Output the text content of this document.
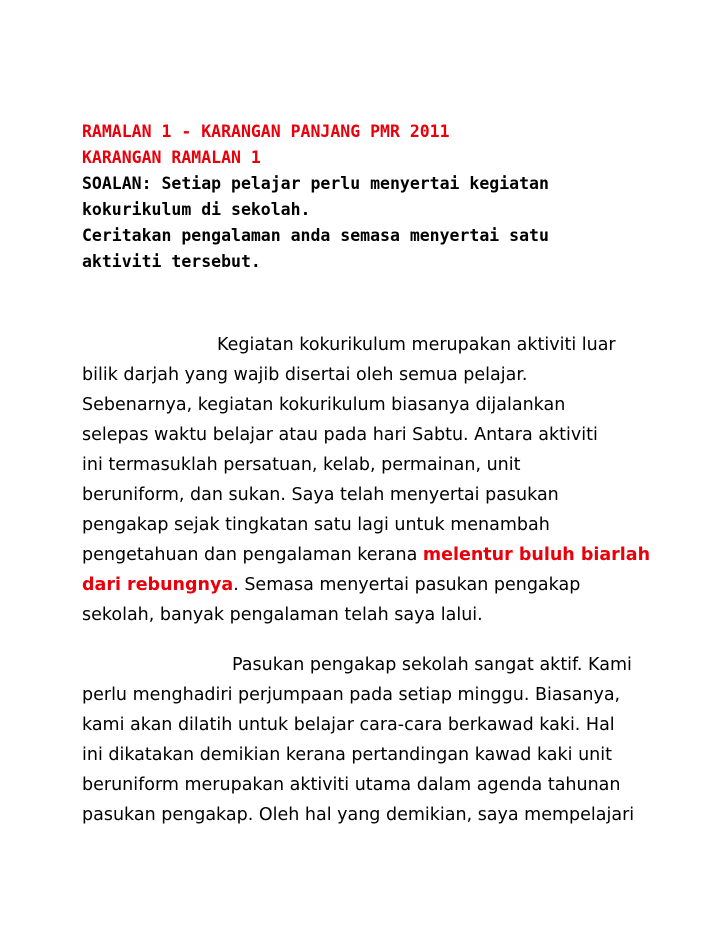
RAMALAN 1 - KARANGAN PANJANG PMR 2011
KARANGAN RAMALAN 1
SOALAN: Setiap pelajar perlu menyertai kegiatan
kokurikulum di sekolah.
Ceritakan pengalaman anda semasa menyertai satu
aktiviti tersebut.
Kegiatan kokurikulum merupakan aktiviti luar
bilik darjah yang wajib disertai oleh semua pelajar.
Sebenarnya, kegiatan kokurikulum biasanya dijalankan
selepas waktu belajar atau pada hari Sabtu. Antara aktiviti
ini termasuklah persatuan, kelab, permainan, unit
beruniform, dan sukan. Saya telah menyertai pasukan
pengakap sejak tingkatan satu lagi untuk menambah
pengetahuan dan pengalaman kerana melentur buluh biarlah
dari rebungnya. Semasa menyertai pasukan pengakap
sekolah, banyak pengalaman telah saya lalui.
Pasukan pengakap sekolah sangat aktif. Kami
perlu menghadiri perjumpaan pada setiap minggu. Biasanya,
kami akan dilatih untuk belajar cara-cara berkawad kaki. Hal
ini dikatakan demikian kerana pertandingan kawad kaki unit
beruniform merupakan aktiviti utama dalam agenda tahunan
pasukan pengakap. Oleh hal yang demikian, saya mempelajari
